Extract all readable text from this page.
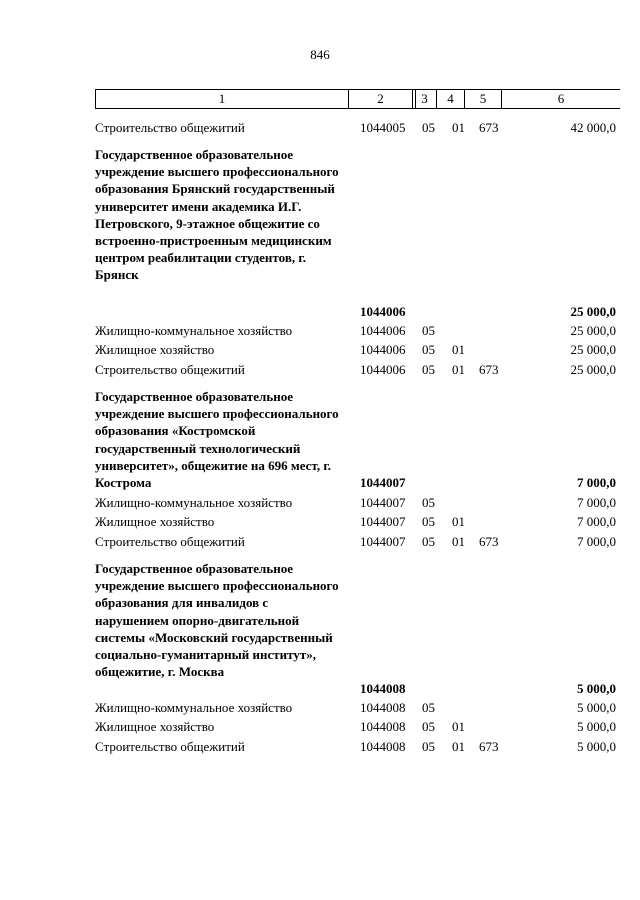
846
1	2	3	4	5	6
Строительство общежитий	1044005 05 01 673	42 000,0
Государственное образовательное учреждение высшего профессионального образования Брянский государственный университет имени академика И.Г. Петровского, 9-этажное общежитие со встроенно-пристроенным медицинским центром реабилитации студентов, г. Брянск
1044006	25 000,0
Жилищно-коммунальное хозяйство	1044006 05	25 000,0
Жилищное хозяйство	1044006 05 01	25 000,0
Строительство общежитий	1044006 05 01 673	25 000,0
Государственное образовательное учреждение высшего профессионального образования «Костромской государственный технологический университет», общежитие на 696 мест, г. Кострома	1044007	7 000,0
Жилищно-коммунальное хозяйство	1044007 05	7 000,0
Жилищное хозяйство	1044007 05 01	7 000,0
Строительство общежитий	1044007 05 01 673	7 000,0
Государственное образовательное учреждение высшего профессионального образования для инвалидов с нарушением опорно-двигательной системы «Московский государственный социально-гуманитарный институт», общежитие, г. Москва
1044008	5 000,0
Жилищно-коммунальное хозяйство	1044008 05	5 000,0
Жилищное хозяйство	1044008 05 01	5 000,0
Строительство общежитий	1044008 05 01 673	5 000,0
